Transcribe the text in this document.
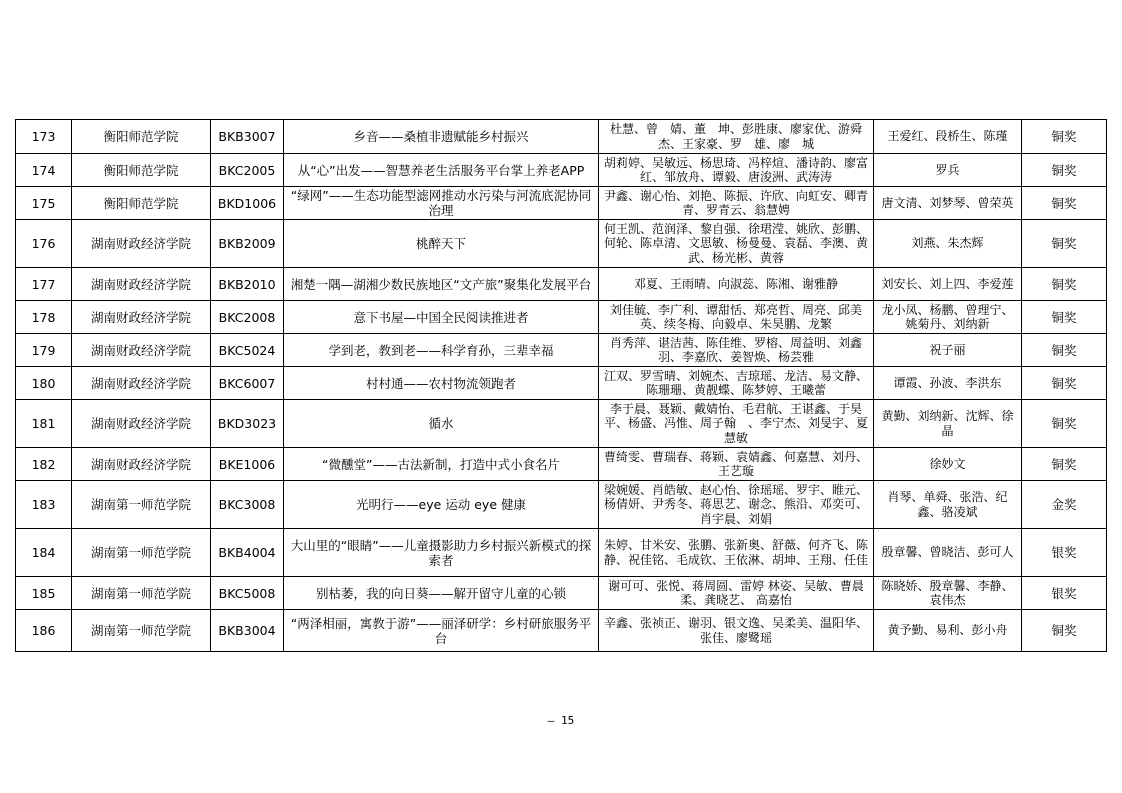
173	衡阳师范学院	BKB3007	乡音——桑植非遗赋能乡村振兴	杜慧、曾　婧、董　坤、彭胜康、廖家优、游舜杰、王家豪、罗　雄、廖　城	王爱红、段桥生、陈瑾	铜奖
174	衡阳师范学院	BKC2005	从“心”出发——智慧养老生活服务平台掌上养老APP	胡莉婷、吴敏远、杨思琦、冯梓煊、潘诗韵、廖富红、邹放舟、谭毅、唐浚洲、武涛涛	罗兵	铜奖
175	衡阳师范学院	BKD1006	“绿网”——生态功能型滤网推动水污染与河流底泥协同治理	尹鑫、谢心怡、刘艳、陈振、许欣、向虹安、卿青青、罗青云、翁慧娉	唐文清、刘梦琴、曾荣英	铜奖
176	湖南财政经济学院	BKB2009	桃醉天下	何王凯、范润泽、黎自强、徐珺滢、姚欣、彭鹏、何轮、陈卓清、文思敏、杨曼曼、袁磊、李澳、黄武、杨光彬、黄蓉	刘燕、朱杰辉	铜奖
177	湖南财政经济学院	BKB2010	湘楚一隅—湖湘少数民族地区“文产旅”聚集化发展平台	邓夏、王雨晴、向淑蕊、陈湘、谢雅静	刘安长、刘上四、李爱莲	铜奖
178	湖南财政经济学院	BKC2008	意下书屋—中国全民阅读推进者	刘佳毓、李广利、谭甜恬、郑亮哲、周亮、邱美英、续冬梅、向毅卓、朱昊鹏、龙繁	龙小凤、杨鹏、曾理宁、姚菊丹、刘纳新	铜奖
179	湖南财政经济学院	BKC5024	学到老，教到老——科学育孙，三辈幸福	肖秀萍、谌洁茜、陈佳维、罗榕、周益明、刘鑫羽、李嘉欣、姜智焕、杨芸雅	祝子丽	铜奖
180	湖南财政经济学院	BKC6007	村村通——农村物流领跑者	江双、罗雪晴、刘婉杰、吉琼瑶、龙洁、易文静、陈珊珊、黄靓蝶、陈梦婷、王曦蕾	谭霞、孙波、李洪东	铜奖
181	湖南财政经济学院	BKD3023	循水	李于晨、聂颖、戴婧怡、毛君航、王谌鑫、于昊平、杨盛、冯惟、周子翰　、李宁杰、刘旻宇、夏慧敏	黄勤、刘纳新、沈辉、徐晶	铜奖
182	湖南财政经济学院	BKE1006	“微醺堂”——古法新制，打造中式小食名片	曹绮雯、曹瑞春、蒋颖、袁婧鑫、何嘉慧、刘丹、王艺璇	徐妙文	铜奖
183	湖南第一师范学院	BKC3008	光明行——eye 运动 eye 健康	梁婉媛、肖皓敏、赵心怡、徐瑶瑶、罗宇、睢元、杨倩妍、尹秀冬、蒋思艺、谢念、熊沿、邓奕可、肖宇晨、刘娟	肖琴、单舜、张浩、纪鑫、骆凌斌	金奖
184	湖南第一师范学院	BKB4004	大山里的“眼睛”——儿童摄影助力乡村振兴新模式的探索者	朱婷、甘米安、张鹏、张新奥、舒薇、何齐飞、陈静、祝佳铭、毛成钦、王依淋、胡坤、王翔、任佳	殷章馨、曾晓洁、彭可人	银奖
185	湖南第一师范学院	BKC5008	别枯萎，我的向日葵——解开留守儿童的心锁	谢可可、张悦、蒋周圆、雷婷 林姿、吴敏、曹晨柔、龚晓艺、 高嘉怡	陈晓娇、殷章馨、李静、袁伟杰	银奖
186	湖南第一师范学院	BKB3004	“两泽相丽，寓教于游”——丽泽研学：乡村研旅服务平台	辛鑫、张祯正、谢羽、银文逸、吴柔美、温阳华、张佳、廖鹭瑶	黄予勤、易利、彭小舟	铜奖
— 15
